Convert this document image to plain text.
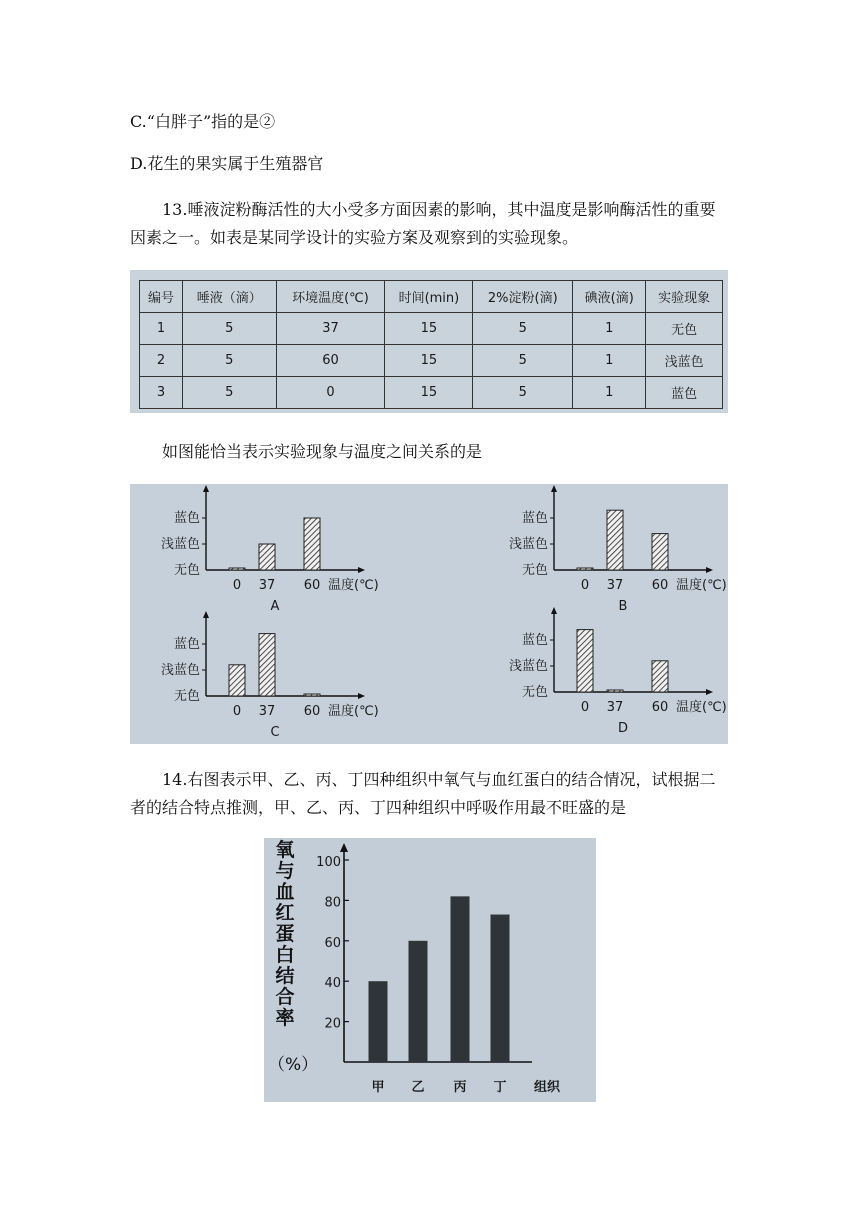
C.“白胖子”指的是②
D.花生的果实属于生殖器官
13.唾液淀粉酶活性的大小受多方面因素的影响，其中温度是影响酶活性的重要因素之一。如表是某同学设计的实验方案及观察到的实验现象。
编号	唾液（滴）	环境温度(℃)	时间(min)	2%淀粉(滴)	碘液(滴)	实验现象
1	5	37	15	5	1	无色
2	5	60	15	5	1	浅蓝色
3	5	0	15	5	1	蓝色
如图能恰当表示实验现象与温度之间关系的是
无色
浅蓝色
蓝色
0 37 60 温度(℃)
A
无色
浅蓝色
蓝色
0 37 60 温度(℃)
B
无色
浅蓝色
蓝色
0 37 60 温度(℃)
C
无色
浅蓝色
蓝色
0 37 60 温度(℃)
D
14.右图表示甲、乙、丙、丁四种组织中氧气与血红蛋白的结合情况，试根据二者的结合特点推测，甲、乙、丙、丁四种组织中呼吸作用最不旺盛的是
氧与血红蛋白结合率
（%）
20
40
60
80
100
甲 乙 丙 丁 组织
